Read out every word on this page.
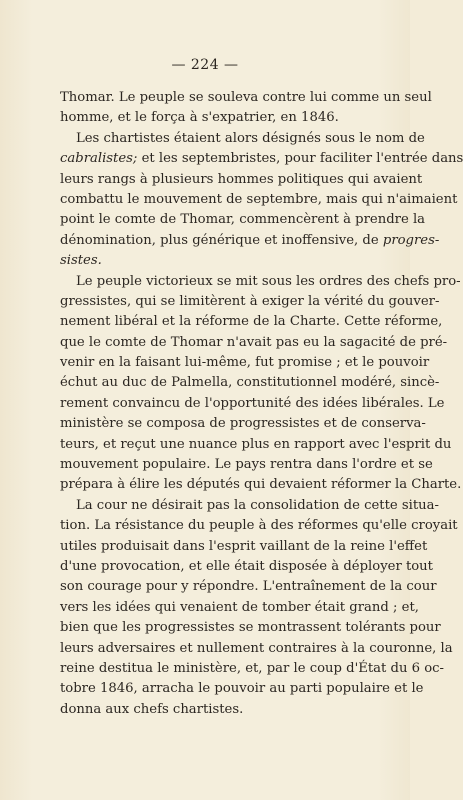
— 224 —
Thomar. Le peuple se souleva contre lui comme un seul
homme, et le força à s'expatrier, en 1846.
Les chartistes étaient alors désignés sous le nom de
cabralistes; et les septembristes, pour faciliter l'entrée dans
leurs rangs à plusieurs hommes politiques qui avaient
combattu le mouvement de septembre, mais qui n'aimaient
point le comte de Thomar, commencèrent à prendre la
dénomination, plus générique et inoffensive, de progres-
sistes.
Le peuple victorieux se mit sous les ordres des chefs pro-
gressistes, qui se limitèrent à exiger la vérité du gouver-
nement libéral et la réforme de la Charte. Cette réforme,
que le comte de Thomar n'avait pas eu la sagacité de pré-
venir en la faisant lui-même, fut promise ; et le pouvoir
échut au duc de Palmella, constitutionnel modéré, sincè-
rement convaincu de l'opportunité des idées libérales. Le
ministère se composa de progressistes et de conserva-
teurs, et reçut une nuance plus en rapport avec l'esprit du
mouvement populaire. Le pays rentra dans l'ordre et se
prépara à élire les députés qui devaient réformer la Charte.
La cour ne désirait pas la consolidation de cette situa-
tion. La résistance du peuple à des réformes qu'elle croyait
utiles produisait dans l'esprit vaillant de la reine l'effet
d'une provocation, et elle était disposée à déployer tout
son courage pour y répondre. L'entraînement de la cour
vers les idées qui venaient de tomber était grand ; et,
bien que les progressistes se montrassent tolérants pour
leurs adversaires et nullement contraires à la couronne, la
reine destitua le ministère, et, par le coup d'État du 6 oc-
tobre 1846, arracha le pouvoir au parti populaire et le
donna aux chefs chartistes.
